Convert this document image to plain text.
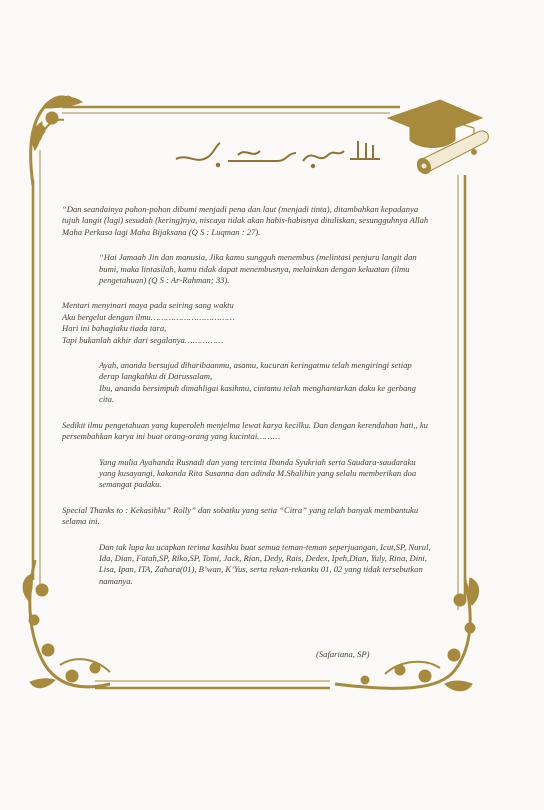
“Dan seandainya pohon-pohon dibumi menjadi pena dan laut (menjadi tinta), ditambahkan kepadanya tujuh langit (lagi) sesudah (kering)nya, niscaya tidak akan habis-habisnya dituliskan, sesungguhnya Allah Maha Perkasa lagi Maha Bijaksana (Q S : Luqman : 27).

“Hai Jamaah Jin dan manusia, Jika kamu sungguh menembus (melintasi penjuru langit dan bumi, maka lintasilah, kamu tidak dapat menembusnya, melainkan dengan kekuatan (ilmu pengetahuan) (Q S : Ar-Rahman; 33).

Mentari menyinari maya pada seiring sang waktu
Aku bergelut dengan ilmu……………………………
Hari ini bahagiaku tiada tara,
Tapi bukanlah akhir dari segalanya……………

Ayah, ananda bersujud diharibaanmu, asamu, kucuran keringatmu telah mengiringi setiap derap langkahku di Darussalam,

Ibu, ananda bersimpuh dimahligai kasihmu, cintamu telah menghantarkan daku ke gerbang cita.

Sedikit ilmu pengetahuan yang kuperoleh menjelma lewat karya kecilku. Dan dengan kerendahan hati,, ku persembahkan karya ini buat orang-orang yang kucintai………

Yang mulia Ayahanda Rusnadi dan yang tercinta Ibunda Syukriah serta Saudara-saudaraku yang kusayangi, kakanda Rita Susanna dan adinda M.Shalihin yang selalu memberikan doa semangat padaku.

Special Thanks to : Kekasihku” Rolly” dan sobatku yang setia “Citra” yang telah banyak membantuku selama ini.

Dan tak lupa ku ucapkan terima kasihku buat semua teman-teman seperjuangan, Icut,SP, Nurul, Ida, Dian, Fatah,SP, Riko,SP, Tomi, Jack, Rian, Dedy, Rais, Dedex, Ipeh,Dian, Yuly, Rina, Dini, Lisa, Ipan, ITA, Zahara(01), B’wan, K’Yus, serta rekan-rekanku 01, 02 yang tidak tersebutkan namanya.

(Safariana, SP)
